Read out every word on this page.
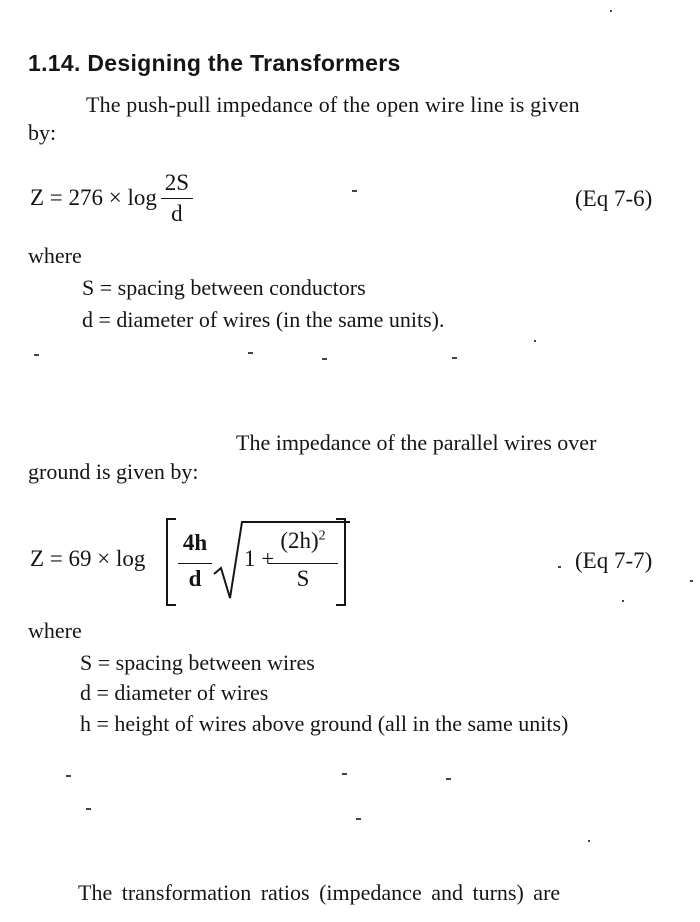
1.14. Designing the Transformers
The push-pull impedance of the open wire line is given
by:
$Z = 276 \times \log \frac{2S}{d}$	(Eq 7-6)
where
S = spacing between conductors
d = diameter of wires (in the same units).
The impedance of the parallel wires over
ground is given by:
Z = 69 × log
4h
d
1 +
$(2h)^2$
S
(Eq 7-7)
where
S = spacing between wires
d = diameter of wires
h = height of wires above ground (all in the same units)
The transformation ratios (impedance and turns) are
